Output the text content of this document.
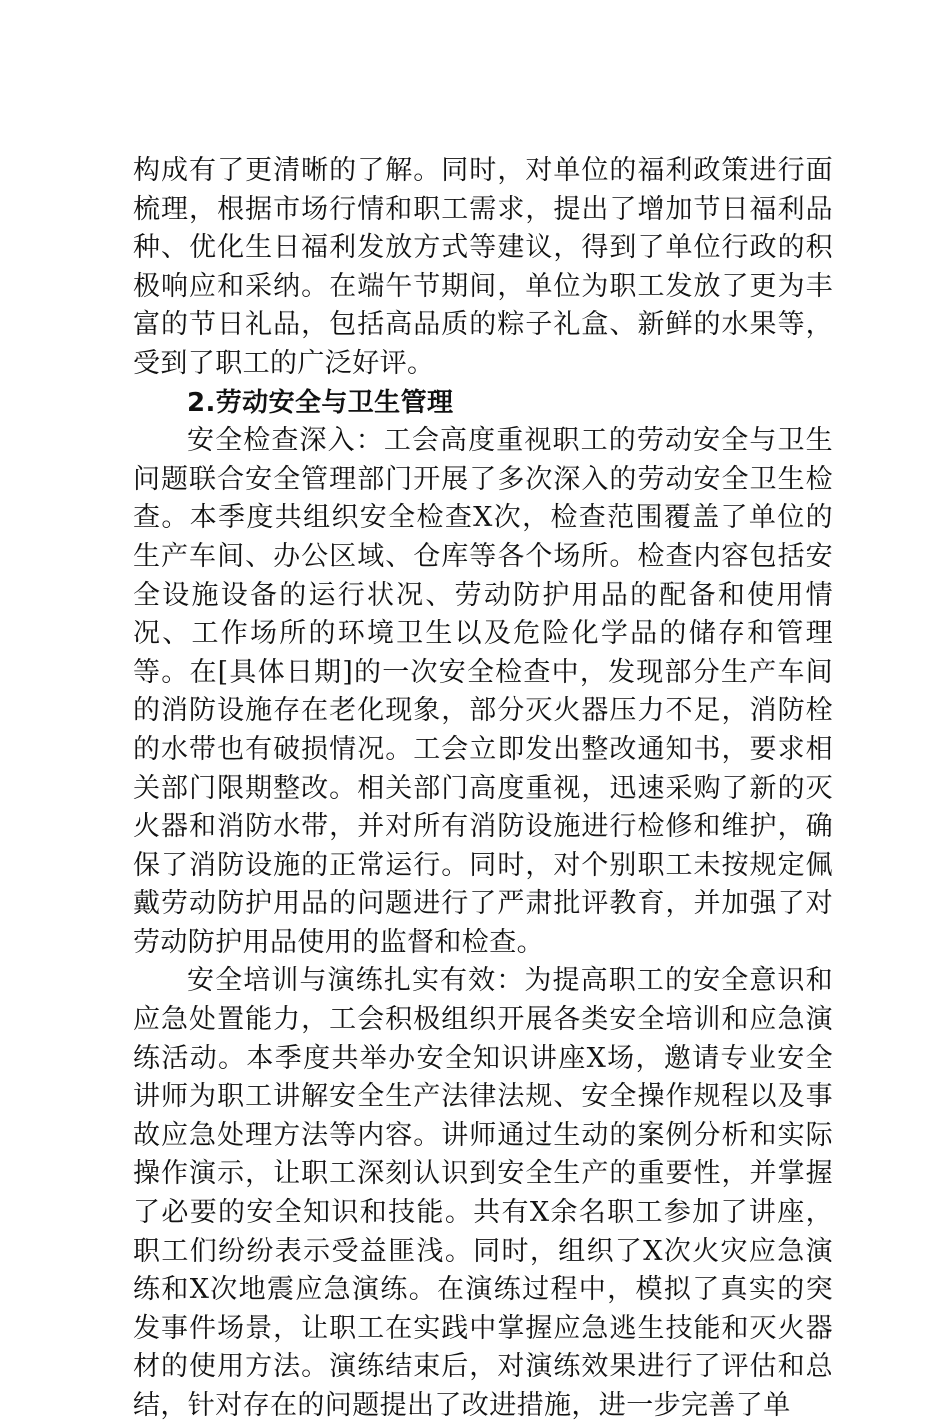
构成有了更清晰的了解。同时，对单位的福利政策进行面梳理，根据市场行情和职工需求，提出了增加节日福利品种、优化生日福利发放方式等建议，得到了单位行政的积极响应和采纳。在端午节期间，单位为职工发放了更为丰富的节日礼品，包括高品质的粽子礼盒、新鲜的水果等，受到了职工的广泛好评。

2.劳动安全与卫生管理

安全检查深入：工会高度重视职工的劳动安全与卫生问题联合安全管理部门开展了多次深入的劳动安全卫生检查。本季度共组织安全检查X次，检查范围覆盖了单位的生产车间、办公区域、仓库等各个场所。检查内容包括安全设施设备的运行状况、劳动防护用品的配备和使用情况、工作场所的环境卫生以及危险化学品的储存和管理等。在[具体日期]的一次安全检查中，发现部分生产车间的消防设施存在老化现象，部分灭火器压力不足，消防栓的水带也有破损情况。工会立即发出整改通知书，要求相关部门限期整改。相关部门高度重视，迅速采购了新的灭火器和消防水带，并对所有消防设施进行检修和维护，确保了消防设施的正常运行。同时，对个别职工未按规定佩戴劳动防护用品的问题进行了严肃批评教育，并加强了对劳动防护用品使用的监督和检查。

安全培训与演练扎实有效：为提高职工的安全意识和应急处置能力，工会积极组织开展各类安全培训和应急演练活动。本季度共举办安全知识讲座X场，邀请专业安全讲师为职工讲解安全生产法律法规、安全操作规程以及事故应急处理方法等内容。讲师通过生动的案例分析和实际操作演示，让职工深刻认识到安全生产的重要性，并掌握了必要的安全知识和技能。共有X余名职工参加了讲座，职工们纷纷表示受益匪浅。同时，组织了X次火灾应急演练和X次地震应急演练。在演练过程中，模拟了真实的突发事件场景，让职工在实践中掌握应急逃生技能和灭火器材的使用方法。演练结束后，对演练效果进行了评估和总结，针对存在的问题提出了改进措施，进一步完善了单
